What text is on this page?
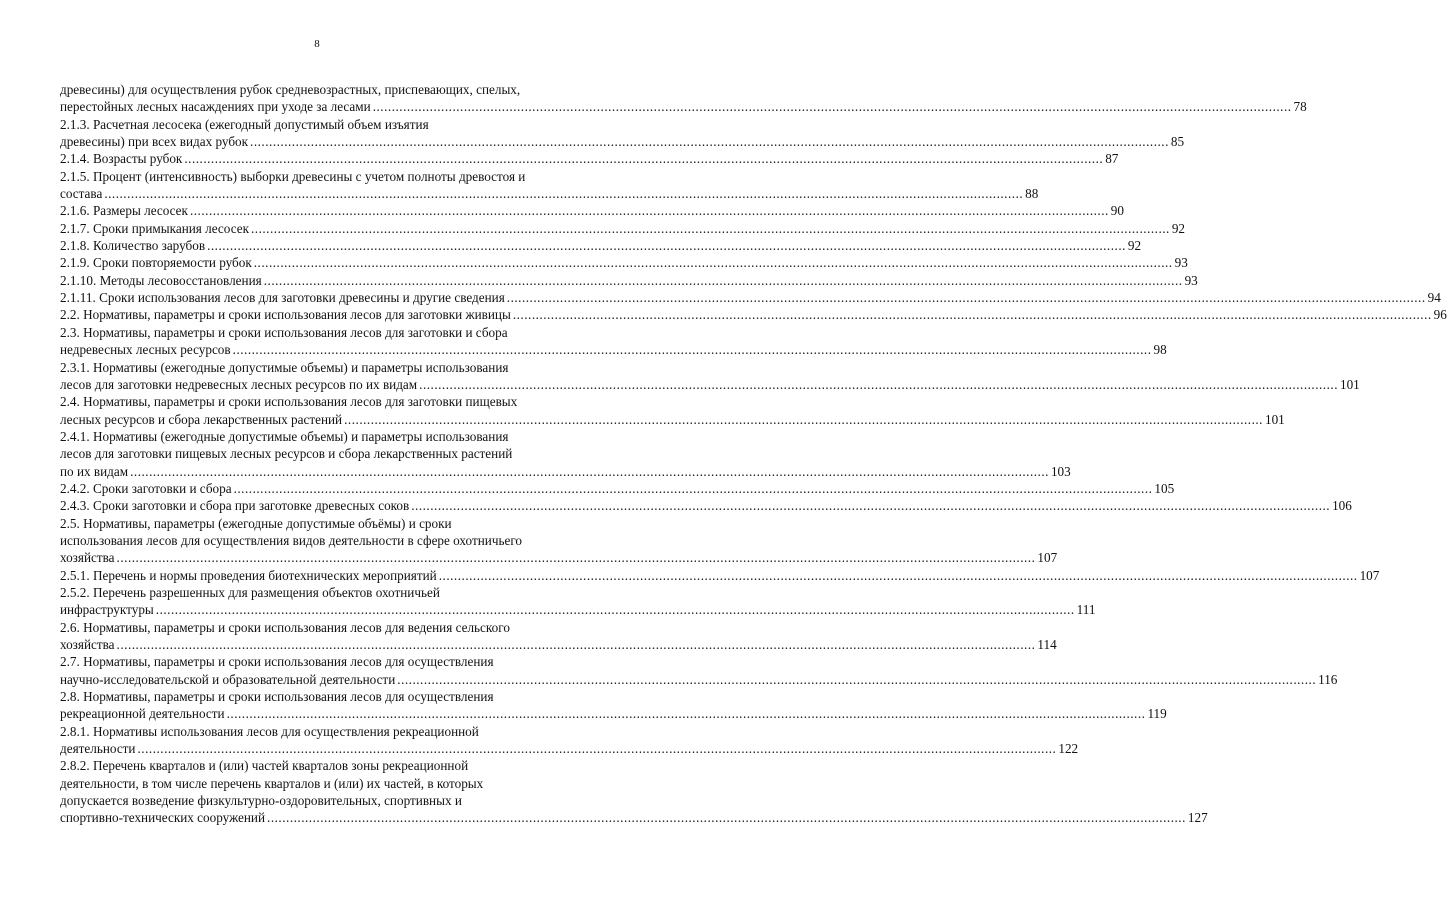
8
древесины) для осуществления рубок средневозрастных, приспевающих, спелых,
перестойных лесных насаждениях при уходе за лесами .....	78
2.1.3. Расчетная лесосека (ежегодный допустимый объем изъятия
древесины) при всех видах рубок .....	85
2.1.4. Возрасты рубок .....	87
2.1.5. Процент (интенсивность) выборки древесины с учетом полноты древостоя и
состава .....	88
2.1.6. Размеры лесосек .....	90
2.1.7. Сроки примыкания лесосек .....	92
2.1.8. Количество зарубов .....	92
2.1.9. Сроки повторяемости рубок .....	93
2.1.10. Методы лесовосстановления .....	93
2.1.11. Сроки использования лесов для заготовки древесины и другие сведения .....	94
2.2. Нормативы, параметры и сроки использования лесов для заготовки живицы .....	96
2.3. Нормативы, параметры и сроки использования лесов для заготовки и сбора
недревесных лесных ресурсов .....	98
2.3.1. Нормативы (ежегодные допустимые объемы) и параметры использования
лесов для заготовки недревесных лесных ресурсов по их видам .....	101
2.4. Нормативы, параметры и сроки использования лесов для заготовки пищевых
лесных ресурсов и сбора лекарственных растений .....	101
2.4.1. Нормативы (ежегодные допустимые объемы) и параметры использования
лесов для заготовки пищевых лесных ресурсов и сбора лекарственных растений
по их видам .....	103
2.4.2. Сроки заготовки и сбора .....	105
2.4.3. Сроки заготовки и сбора при заготовке древесных соков .....	106
2.5. Нормативы, параметры (ежегодные допустимые объёмы) и сроки
использования лесов для осуществления видов деятельности в сфере охотничьего
хозяйства .....	107
2.5.1. Перечень и нормы проведения биотехнических мероприятий .....	107
2.5.2. Перечень разрешенных для размещения объектов охотничьей
инфраструктуры .....	111
2.6. Нормативы, параметры и сроки использования лесов для ведения сельского
хозяйства .....	114
2.7. Нормативы, параметры и сроки использования лесов для осуществления
научно-исследовательской и образовательной деятельности .....	116
2.8. Нормативы, параметры и сроки использования лесов для осуществления
рекреационной деятельности .....	119
2.8.1. Нормативы использования лесов для осуществления рекреационной
деятельности .....	122
2.8.2. Перечень кварталов и (или) частей кварталов зоны рекреационной
деятельности, в том числе перечень кварталов и (или) их частей, в которых
допускается возведение физкультурно-оздоровительных, спортивных и
спортивно-технических сооружений .....	127
